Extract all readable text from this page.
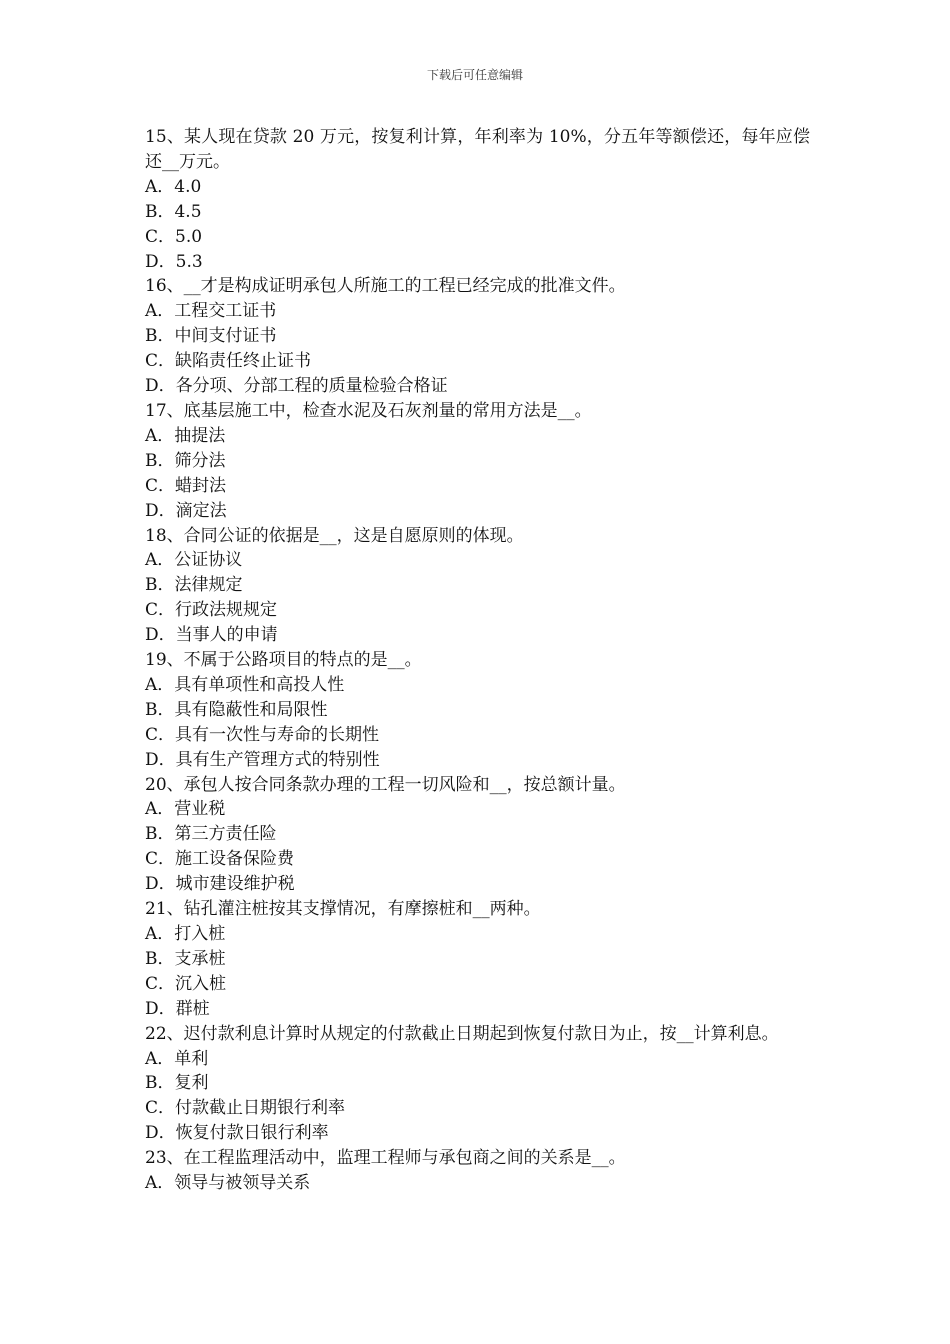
下载后可任意编辑

15、某人现在贷款 20 万元，按复利计算，年利率为 10%，分五年等额偿还，每年应偿还__万元。

A．4.0

B．4.5

C．5.0

D．5.3

16、__才是构成证明承包人所施工的工程已经完成的批准文件。

A．工程交工证书

B．中间支付证书

C．缺陷责任终止证书

D．各分项、分部工程的质量检验合格证

17、底基层施工中，检查水泥及石灰剂量的常用方法是__。

A．抽提法

B．筛分法

C．蜡封法

D．滴定法

18、合同公证的依据是__，这是自愿原则的体现。

A．公证协议

B．法律规定

C．行政法规规定

D．当事人的申请

19、不属于公路项目的特点的是__。

A．具有单项性和高投人性

B．具有隐蔽性和局限性

C．具有一次性与寿命的长期性

D．具有生产管理方式的特别性

20、承包人按合同条款办理的工程一切风险和__，按总额计量。

A．营业税

B．第三方责任险

C．施工设备保险费

D．城市建设维护税

21、钻孔灌注桩按其支撑情况，有摩擦桩和__两种。

A．打入桩

B．支承桩

C．沉入桩

D．群桩

22、迟付款利息计算时从规定的付款截止日期起到恢复付款日为止，按__计算利息。

A．单利

B．复利

C．付款截止日期银行利率

D．恢复付款日银行利率

23、在工程监理活动中，监理工程师与承包商之间的关系是__。

A．领导与被领导关系
